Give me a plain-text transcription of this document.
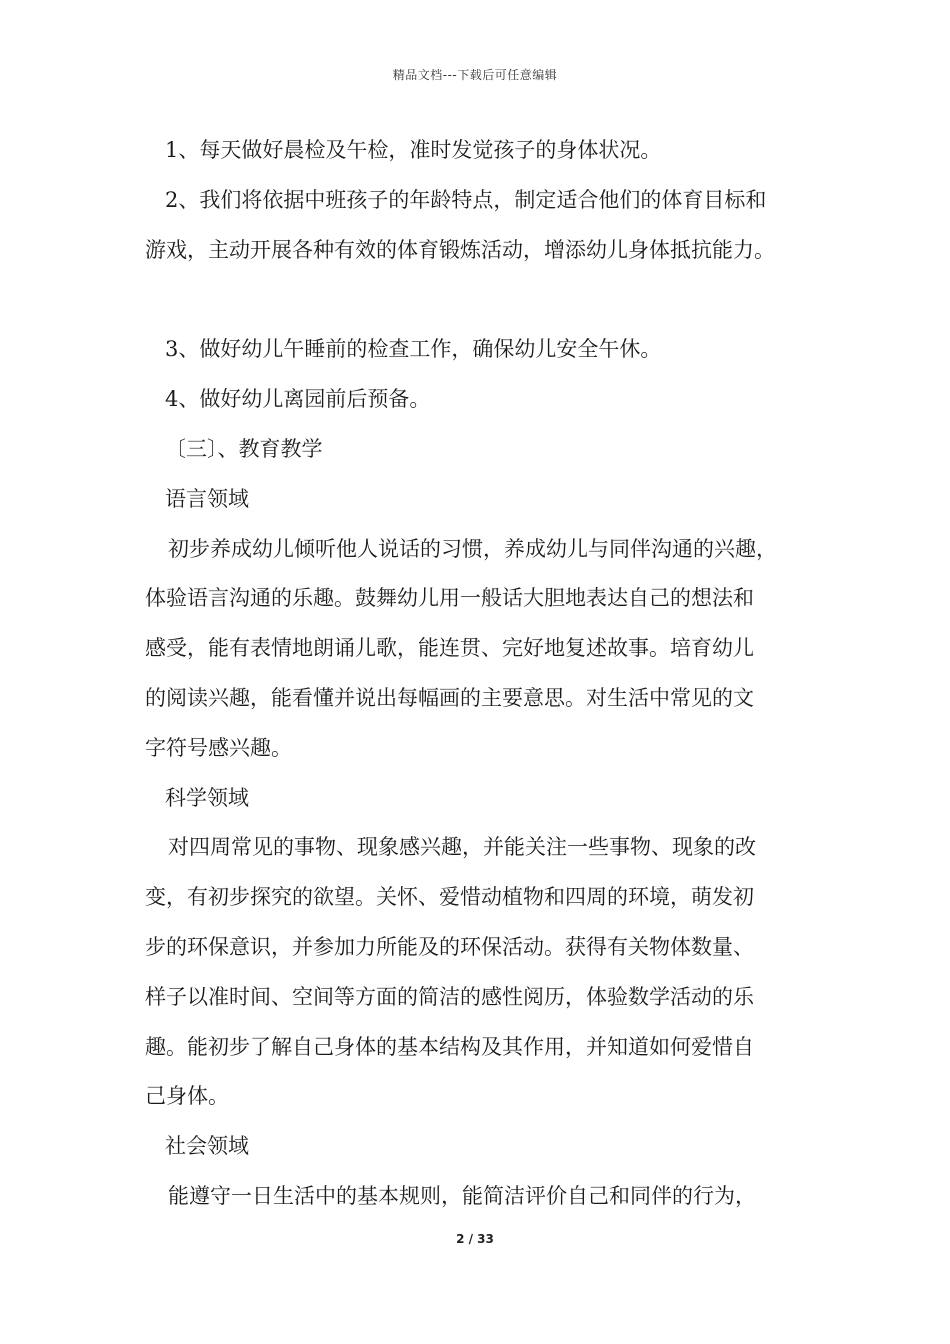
精品文档---下载后可任意编辑

1、每天做好晨检及午检，准时发觉孩子的身体状况。

2、我们将依据中班孩子的年龄特点，制定适合他们的体育目标和

游戏，主动开展各种有效的体育锻炼活动，增添幼儿身体抵抗能力。

3、做好幼儿午睡前的检查工作，确保幼儿安全午休。

4、做好幼儿离园前后预备。

〔三〕、教育教学

语言领域

初步养成幼儿倾听他人说话的习惯，养成幼儿与同伴沟通的兴趣，

体验语言沟通的乐趣。鼓舞幼儿用一般话大胆地表达自己的想法和

感受，能有表情地朗诵儿歌，能连贯、完好地复述故事。培育幼儿

的阅读兴趣，能看懂并说出每幅画的主要意思。对生活中常见的文

字符号感兴趣。

科学领域

对四周常见的事物、现象感兴趣，并能关注一些事物、现象的改

变，有初步探究的欲望。关怀、爱惜动植物和四周的环境，萌发初

步的环保意识，并参加力所能及的环保活动。获得有关物体数量、

样子以准时间、空间等方面的简洁的感性阅历，体验数学活动的乐

趣。能初步了解自己身体的基本结构及其作用，并知道如何爱惜自

己身体。

社会领域

能遵守一日生活中的基本规则，能简洁评价自己和同伴的行为，

2 / 33
